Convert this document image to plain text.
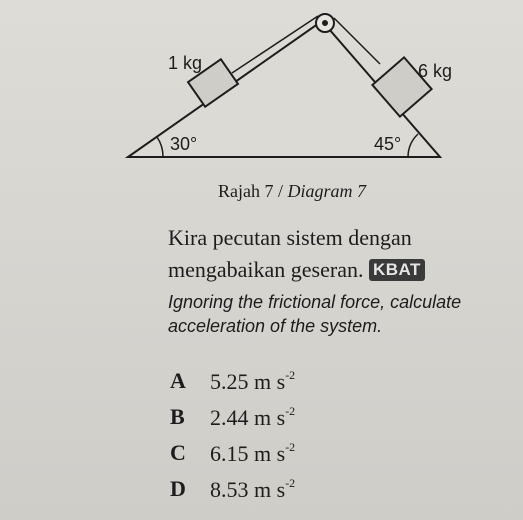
1 kg	6 kg
30°	45°
Rajah 7 / Diagram 7
Kira pecutan sistem dengan mengabaikan geseran. KBAT
Ignoring the frictional force, calculate acceleration of the system.
A 5.25 m $s^{-2}$
B 2.44 m $s^{-2}$
C 6.15 m $s^{-2}$
D 8.53 m $s^{-2}$
